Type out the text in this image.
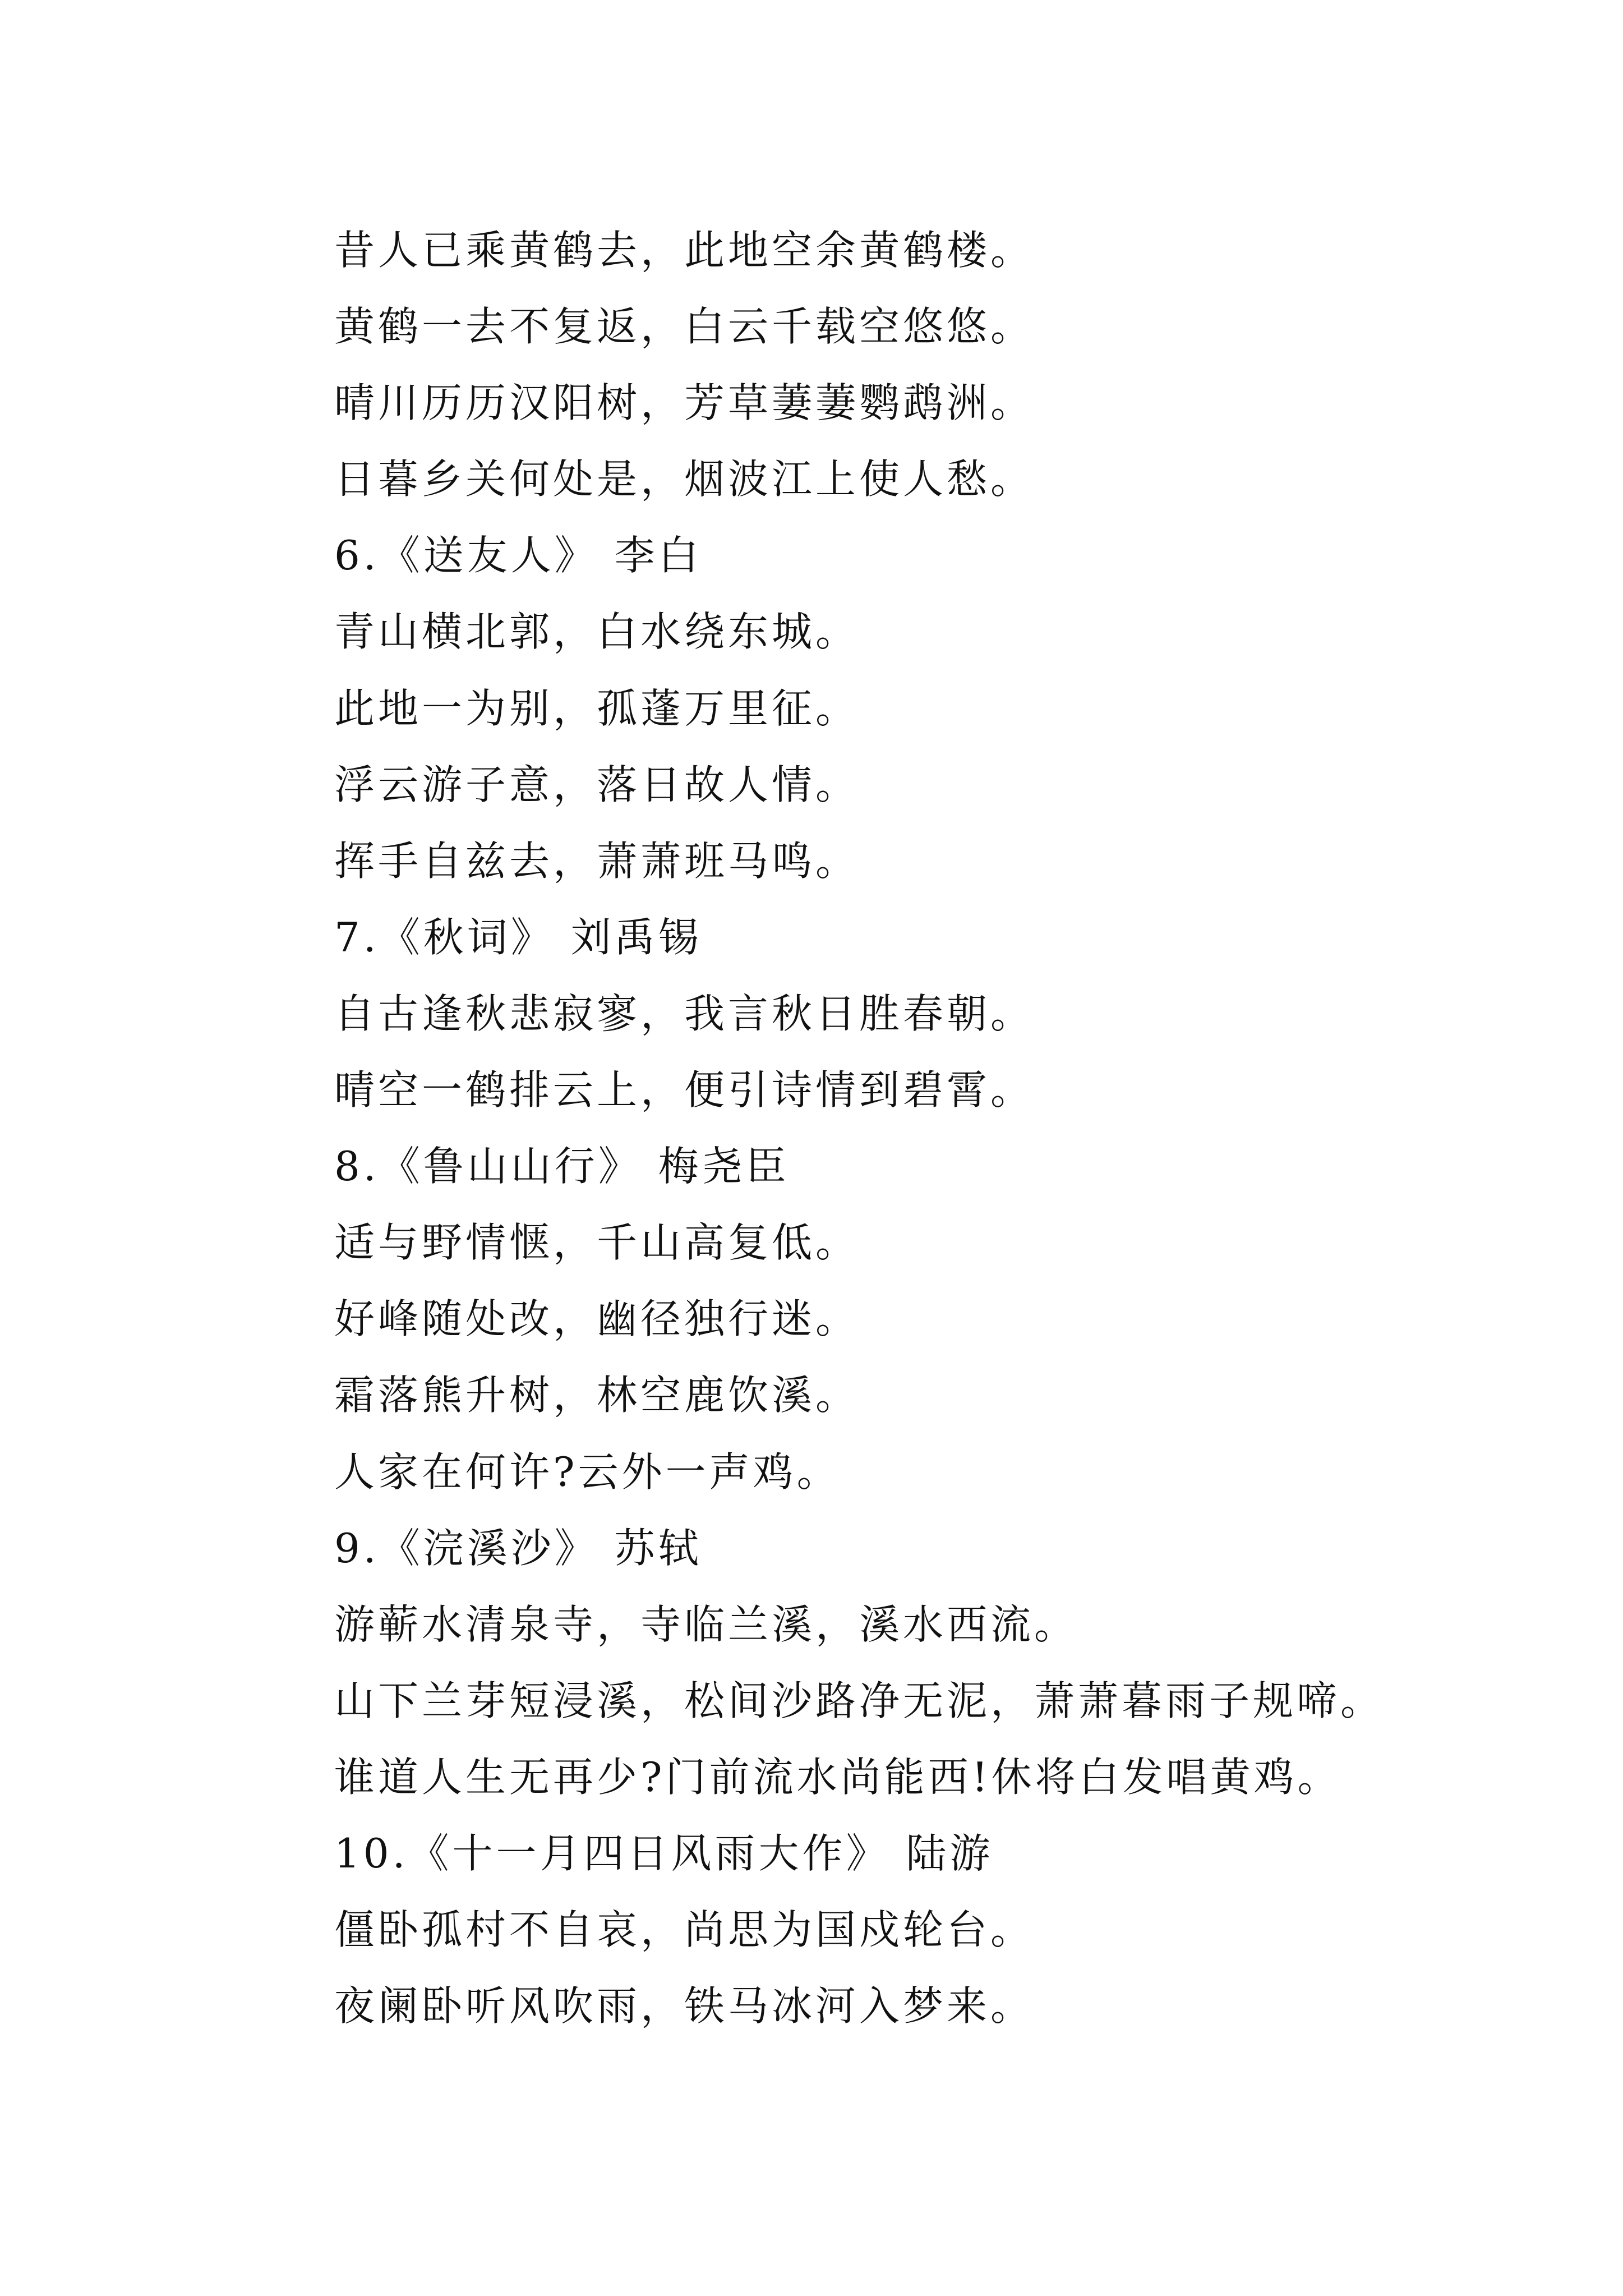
昔人已乘黄鹤去，此地空余黄鹤楼。
黄鹤一去不复返，白云千载空悠悠。
晴川历历汉阳树，芳草萋萋鹦鹉洲。
日暮乡关何处是，烟波江上使人愁。
6.《送友人》 李白
青山横北郭，白水绕东城。
此地一为别，孤蓬万里征。
浮云游子意，落日故人情。
挥手自兹去，萧萧班马鸣。
7.《秋词》 刘禹锡
自古逢秋悲寂寥，我言秋日胜春朝。
晴空一鹤排云上，便引诗情到碧霄。
8.《鲁山山行》 梅尧臣
适与野情惬，千山高复低。
好峰随处改，幽径独行迷。
霜落熊升树，林空鹿饮溪。
人家在何许?云外一声鸡。
9.《浣溪沙》 苏轼
游蕲水清泉寺，寺临兰溪，溪水西流。
山下兰芽短浸溪，松间沙路净无泥，萧萧暮雨子规啼。
谁道人生无再少?门前流水尚能西!休将白发唱黄鸡。
10.《十一月四日风雨大作》 陆游
僵卧孤村不自哀，尚思为国戍轮台。
夜阑卧听风吹雨，铁马冰河入梦来。
